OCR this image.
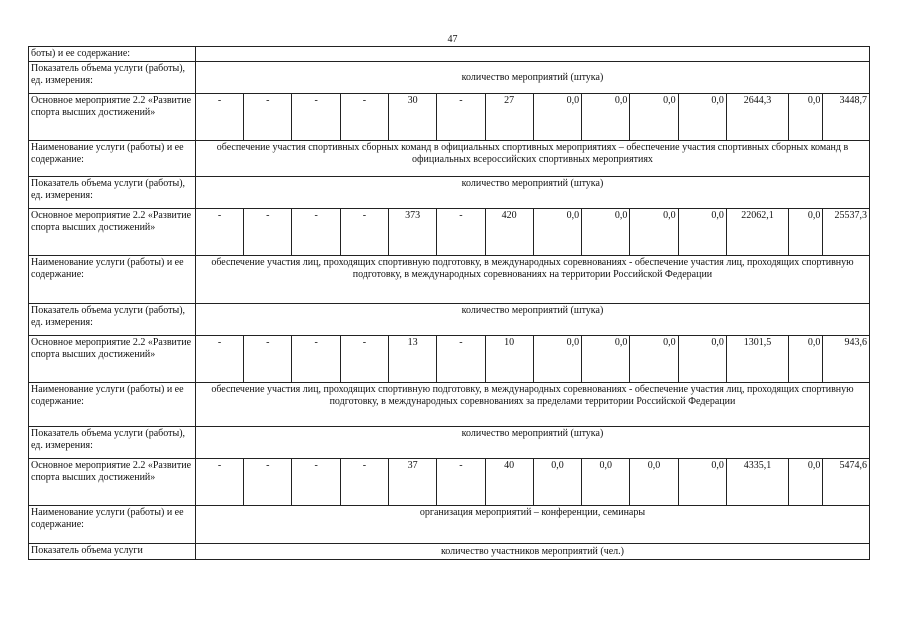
47
боты) и ее содержание:														
Показатель объема услуги (работы), ед. измерения:	количество мероприятий (штука)													
Основное мероприятие 2.2 «Развитие спорта высших достижений»	-	-	-	-	30	-	27	0,0	0,0	0,0	0,0	2644,3	0,0	3448,7
Наименование услуги (работы) и ее содержание:	обеспечение участия спортивных сборных команд в официальных спортивных мероприятиях – обеспечение участия спортивных сборных команд в официальных всероссийских спортивных мероприятиях													
Показатель объема услуги (работы), ед. измерения:	количество мероприятий (штука)													
Основное мероприятие 2.2 «Развитие спорта высших достижений»	-	-	-	-	373	-	420	0,0	0,0	0,0	0,0	22062,1	0,0	25537,3
Наименование услуги (работы) и ее содержание:	обеспечение участия лиц, проходящих спортивную подготовку, в международных соревнованиях - обеспечение участия лиц, проходящих спортивную подготовку, в международных соревнованиях на территории Российской Федерации													
Показатель объема услуги (работы), ед. измерения:	количество мероприятий (штука)													
Основное мероприятие 2.2 «Развитие спорта высших достижений»	-	-	-	-	13	-	10	0,0	0,0	0,0	0,0	1301,5	0,0	943,6
Наименование услуги (работы) и ее содержание:	обеспечение участия лиц, проходящих спортивную подготовку, в международных соревнованиях - обеспечение участия лиц, проходящих спортивную подготовку, в международных соревнованиях за пределами территории Российской Федерации													
Показатель объема услуги (работы), ед. измерения:	количество мероприятий (штука)													
Основное мероприятие 2.2 «Развитие спорта высших достижений»	-	-	-	-	37	-	40	0,0	0,0	0,0	0,0	4335,1	0,0	5474,6
Наименование услуги (работы) и ее содержание:	организация мероприятий – конференции, семинары													
Показатель объема услуги	количество участников мероприятий (чел.)													
